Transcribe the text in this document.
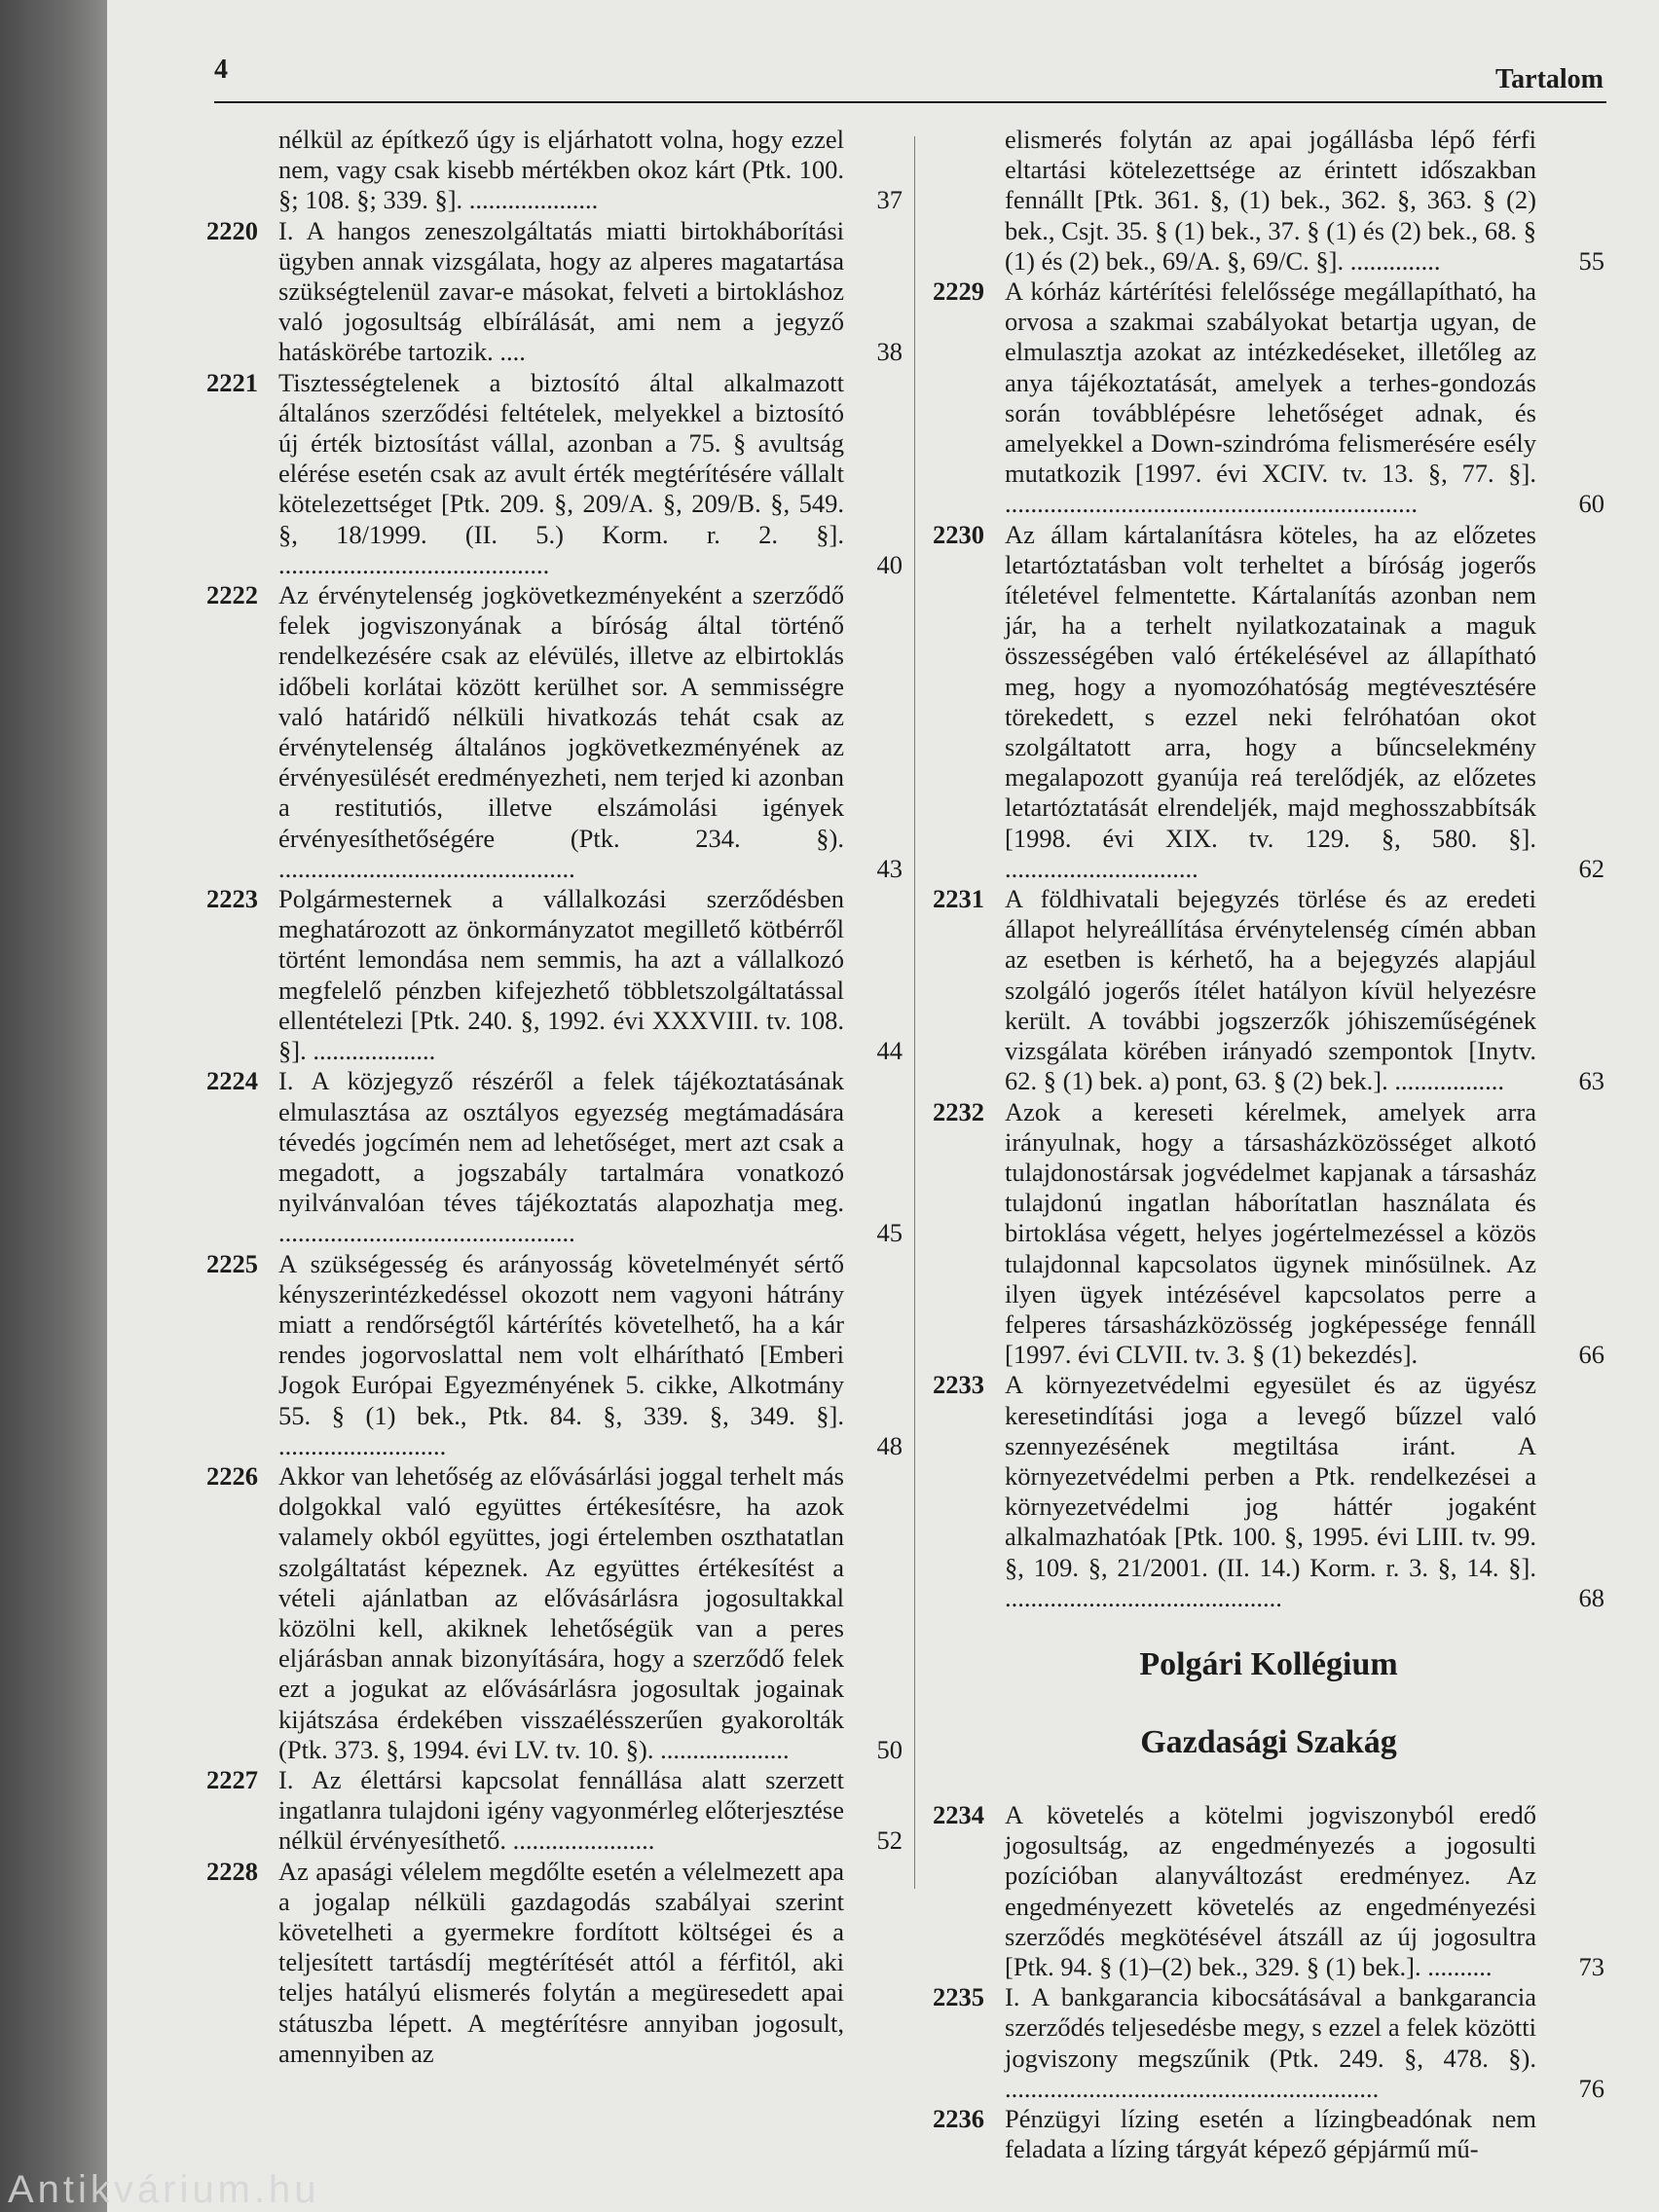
4	Tartalom
nélkül az építkező úgy is eljárhatott volna, hogy ezzel nem, vagy csak kisebb mértékben okoz kárt (Ptk. 100. §; 108. §; 339. §]. ....................	37
2220 I. A hangos zeneszolgáltatás miatti birtokháborítási ügyben annak vizsgálata, hogy az alperes magatartása szükségtelenül zavar-e másokat, felveti a birtokláshoz való jogosultság elbírálását, ami nem a jegyző hatáskörébe tartozik. ....	38
2221 Tisztességtelenek a biztosító által alkalmazott általános szerződési feltételek, melyekkel a biztosító új érték biztosítást vállal, azonban a 75. § avultság elérése esetén csak az avult érték megtérítésére vállalt kötelezettséget [Ptk. 209. §, 209/A. §, 209/B. §, 549. §, 18/1999. (II. 5.) Korm. r. 2. §]. ..........................................	40
2222 Az érvénytelenség jogkövetkezményeként a szerződő felek jogviszonyának a bíróság által történő rendelkezésére csak az elévülés, illetve az elbirtoklás időbeli korlátai között kerülhet sor. A semmisségre való határidő nélküli hivatkozás tehát csak az érvénytelenség általános jogkövetkezményének az érvényesülését eredményezheti, nem terjed ki azonban a restitutiós, illetve elszámolási igények érvényesíthetőségére (Ptk. 234. §). ..............................................	43
2223 Polgármesternek a vállalkozási szerződésben meghatározott az önkormányzatot megillető kötbérről történt lemondása nem semmis, ha azt a vállalkozó megfelelő pénzben kifejezhető többletszolgáltatással ellentételezi [Ptk. 240. §, 1992. évi XXXVIII. tv. 108. §]. ...................	44
2224 I. A közjegyző részéről a felek tájékoztatásának elmulasztása az osztályos egyezség megtámadására tévedés jogcímén nem ad lehetőséget, mert azt csak a megadott, a jogszabály tartalmára vonatkozó nyilvánvalóan téves tájékoztatás alapozhatja meg. ..............................................	45
2225 A szükségesség és arányosság követelményét sértő kényszerintézkedéssel okozott nem vagyoni hátrány miatt a rendőrségtől kártérítés követelhető, ha a kár rendes jogorvoslattal nem volt elhárítható [Emberi Jogok Európai Egyezményének 5. cikke, Alkotmány 55. § (1) bek., Ptk. 84. §, 339. §, 349. §]. ..........................	48
2226 Akkor van lehetőség az elővásárlási joggal terhelt más dolgokkal való együttes értékesítésre, ha azok valamely okból együttes, jogi értelemben oszthatatlan szolgáltatást képeznek. Az együttes értékesítést a vételi ajánlatban az elővásárlásra jogosultakkal közölni kell, akiknek lehetőségük van a peres eljárásban annak bizonyítására, hogy a szerződő felek ezt a jogukat az elővásárlásra jogosultak jogainak kijátszása érdekében visszaélésszerűen gyakorolták (Ptk. 373. §, 1994. évi LV. tv. 10. §). ....................	50
2227 I. Az élettársi kapcsolat fennállása alatt szerzett ingatlanra tulajdoni igény vagyonmérleg előterjesztése nélkül érvényesíthető. ......................	52
2228 Az apasági vélelem megdőlte esetén a vélelmezett apa a jogalap nélküli gazdagodás szabályai szerint követelheti a gyermekre fordított költségei és a teljesített tartásdíj megtérítését attól a férfitól, aki teljes hatályú elismerés folytán a megüresedett apai státuszba lépett. A megtérítésre annyiban jogosult, amennyiben az
elismerés folytán az apai jogállásba lépő férfi eltartási kötelezettsége az érintett időszakban fennállt [Ptk. 361. §, (1) bek., 362. §, 363. § (2) bek., Csjt. 35. § (1) bek., 37. § (1) és (2) bek., 68. § (1) és (2) bek., 69/A. §, 69/C. §]. ..............	55
2229 A kórház kártérítési felelőssége megállapítható, ha orvosa a szakmai szabályokat betartja ugyan, de elmulasztja azokat az intézkedéseket, illetőleg az anya tájékoztatását, amelyek a terhes-gondozás során továbblépésre lehetőséget adnak, és amelyekkel a Down-szindróma felismerésére esély mutatkozik [1997. évi XCIV. tv. 13. §, 77. §]. ................................................................	60
2230 Az állam kártalanításra köteles, ha az előzetes letartóztatásban volt terheltet a bíróság jogerős ítéletével felmentette. Kártalanítás azonban nem jár, ha a terhelt nyilatkozatainak a maguk összességében való értékelésével az állapítható meg, hogy a nyomozóhatóság megtévesztésére törekedett, s ezzel neki felróhatóan okot szolgáltatott arra, hogy a bűncselekmény megalapozott gyanúja reá terelődjék, az előzetes letartóztatását elrendeljék, majd meghosszabbítsák [1998. évi XIX. tv. 129. §, 580. §]. ..............................	62
2231 A földhivatali bejegyzés törlése és az eredeti állapot helyreállítása érvénytelenség címén abban az esetben is kérhető, ha a bejegyzés alapjául szolgáló jogerős ítélet hatályon kívül helyezésre került. A további jogszerzők jóhiszeműségének vizsgálata körében irányadó szempontok [Inytv. 62. § (1) bek. a) pont, 63. § (2) bek.]. .................	63
2232 Azok a kereseti kérelmek, amelyek arra irányulnak, hogy a társasházközösséget alkotó tulajdonostársak jogvédelmet kapjanak a társasház tulajdonú ingatlan háborítatlan használata és birtoklása végett, helyes jogértelmezéssel a közös tulajdonnal kapcsolatos ügynek minősülnek. Az ilyen ügyek intézésével kapcsolatos perre a felperes társasházközösség jogképessége fennáll [1997. évi CLVII. tv. 3. § (1) bekezdés].	66
2233 A környezetvédelmi egyesület és az ügyész keresetindítási joga a levegő bűzzel való szennyezésének megtiltása iránt. A környezetvédelmi perben a Ptk. rendelkezései a környezetvédelmi jog háttér jogaként alkalmazhatóak [Ptk. 100. §, 1995. évi LIII. tv. 99. §, 109. §, 21/2001. (II. 14.) Korm. r. 3. §, 14. §]. ...........................................	68
Polgári Kollégium
Gazdasági Szakág
2234 A követelés a kötelmi jogviszonyból eredő jogosultság, az engedményezés a jogosulti pozícióban alanyváltozást eredményez. Az engedményezett követelés az engedményezési szerződés megkötésével átszáll az új jogosultra [Ptk. 94. § (1)–(2) bek., 329. § (1) bek.]. ..........	73
2235 I. A bankgarancia kibocsátásával a bankgarancia szerződés teljesedésbe megy, s ezzel a felek közötti jogviszony megszűnik (Ptk. 249. §, 478. §). ..........................................................	76
2236 Pénzügyi lízing esetén a lízingbeadónak nem feladata a lízing tárgyát képező gépjármű mű-
Antikvárium.hu
